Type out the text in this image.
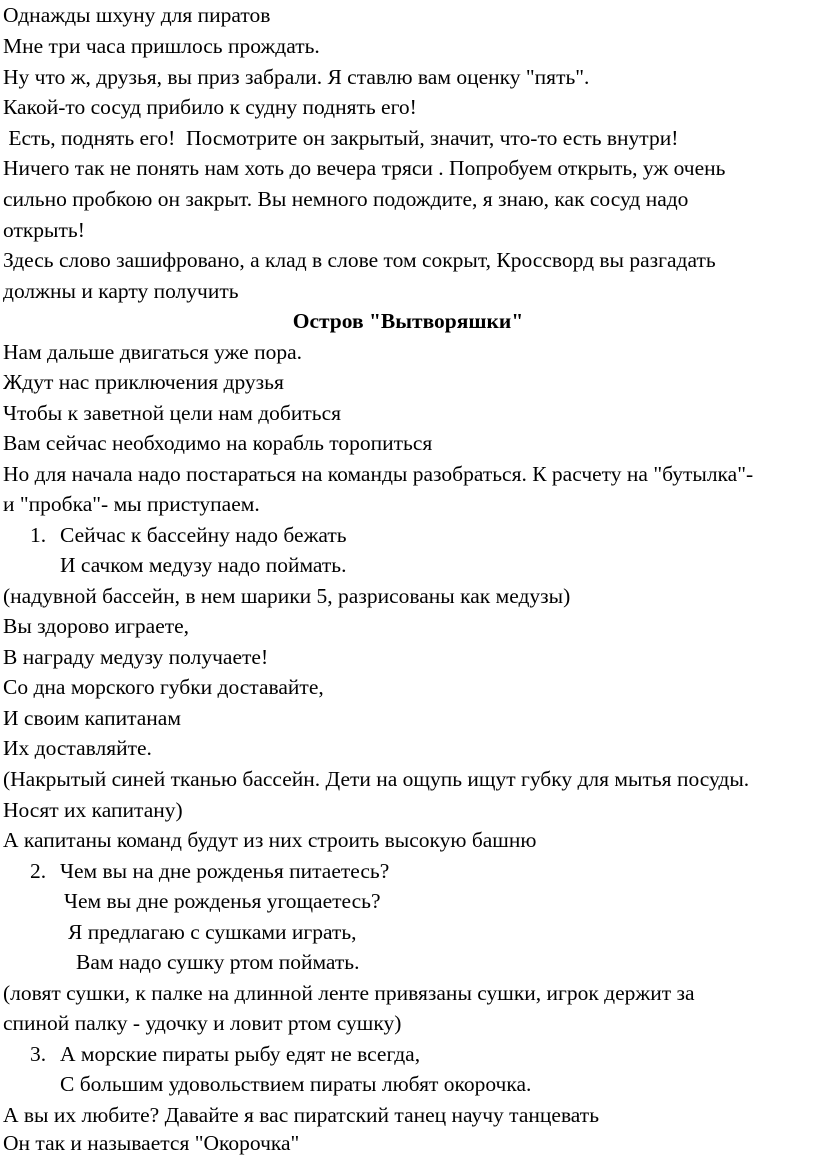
Однажды шхуну для пиратов
Мне три часа пришлось прождать.
Ну что ж, друзья, вы приз забрали. Я ставлю вам оценку "пять".
Какой-то сосуд прибило к судну поднять его!
Есть, поднять его!  Посмотрите он закрытый, значит, что-то есть внутри!
Ничего так не понять нам хоть до вечера тряси . Попробуем открыть, уж очень
сильно пробкою он закрыт. Вы немного подождите, я знаю, как сосуд надо
открыть!
Здесь слово зашифровано, а клад в слове том сокрыт, Кроссворд вы разгадать
должны и карту получить
Остров "Вытворяшки"
Нам дальше двигаться уже пора.
Ждут нас приключения друзья
Чтобы к заветной цели нам добиться
Вам сейчас необходимо на корабль торопиться
Но для начала надо постараться на команды разобраться. К расчету на "бутылка"-
и "пробка"- мы приступаем.
1. Сейчас к бассейну надо бежать
И сачком медузу надо поймать.
(надувной бассейн, в нем шарики 5, разрисованы как медузы)
Вы здорово играете,
В награду медузу получаете!
Со дна морского губки доставайте,
И своим капитанам
Их доставляйте.
(Накрытый синей тканью бассейн. Дети на ощупь ищут губку для мытья посуды.
Носят их капитану)
А капитаны команд будут из них строить высокую башню
2. Чем вы на дне рожденья питаетесь?
Чем вы дне рожденья угощаетесь?
Я предлагаю с сушками играть,
Вам надо сушку ртом поймать.
(ловят сушки, к палке на длинной ленте привязаны сушки, игрок держит за
спиной палку - удочку и ловит ртом сушку)
3. А морские пираты рыбу едят не всегда,
С большим удовольствием пираты любят окорочка.
А вы их любите? Давайте я вас пиратский танец научу танцевать
Он так и называется "Окорочка"
